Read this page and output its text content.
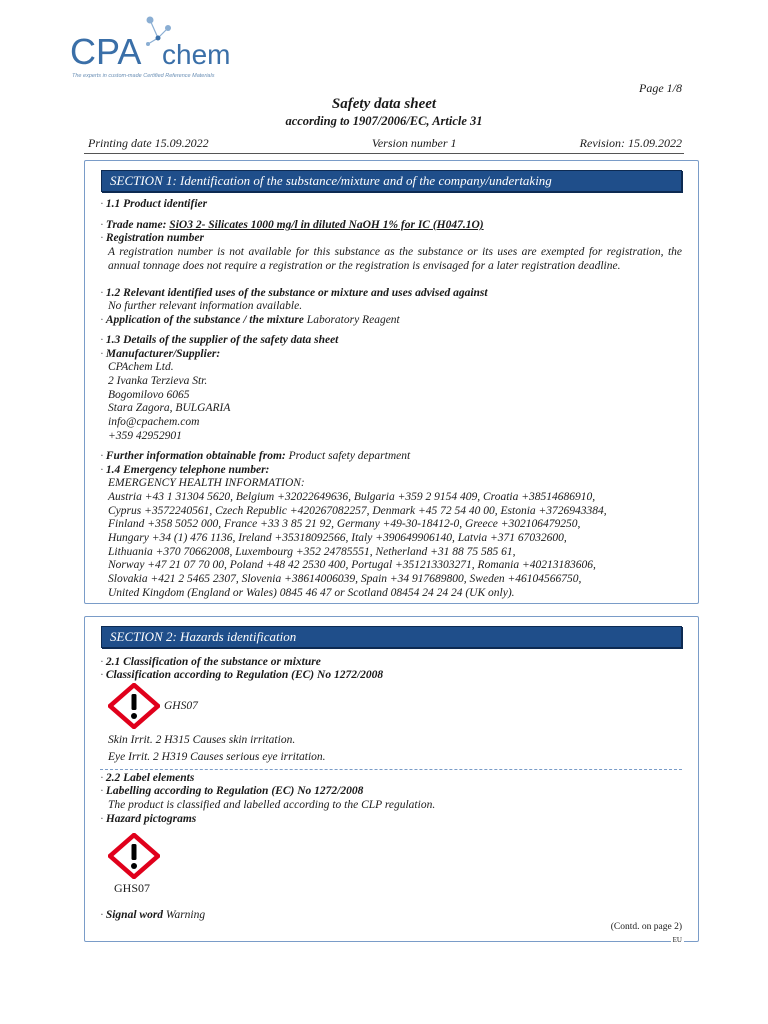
CPA chem
The experts in custom-made Certified Reference Materials
Page 1/8
Safety data sheet
according to 1907/2006/EC, Article 31
Printing date 15.09.2022	Version number 1	Revision: 15.09.2022
SECTION 1: Identification of the substance/mixture and of the company/undertaking
· 1.1 Product identifier
· Trade name: SiO3 2- Silicates 1000 mg/l in diluted NaOH 1% for IC (H047.1O)
· Registration number
A registration number is not available for this substance as the substance or its uses are exempted for registration, the annual tonnage does not require a registration or the registration is envisaged for a later registration deadline.
· 1.2 Relevant identified uses of the substance or mixture and uses advised against
No further relevant information available.
· Application of the substance / the mixture Laboratory Reagent
· 1.3 Details of the supplier of the safety data sheet
· Manufacturer/Supplier:
CPAchem Ltd.
2 Ivanka Terzieva Str.
Bogomilovo 6065
Stara Zagora, BULGARIA
info@cpachem.com
+359 42952901
· Further information obtainable from: Product safety department
· 1.4 Emergency telephone number:
EMERGENCY HEALTH INFORMATION:
Austria +43 1 31304 5620, Belgium +32022649636, Bulgaria +359 2 9154 409, Croatia +38514686910,
Cyprus +3572240561, Czech Republic +420267082257, Denmark +45 72 54 40 00, Estonia +3726943384,
Finland +358 5052 000, France +33 3 85 21 92, Germany +49-30-18412-0, Greece +302106479250,
Hungary +34 (1) 476 1136, Ireland +35318092566, Italy +390649906140, Latvia +371 67032600,
Lithuania +370 70662008, Luxembourg +352 24785551, Netherland +31 88 75 585 61,
Norway +47 21 07 70 00, Poland +48 42 2530 400, Portugal +351213303271, Romania +40213183606,
Slovakia +421 2 5465 2307, Slovenia +38614006039, Spain +34 917689800, Sweden +46104566750,
United Kingdom (England or Wales) 0845 46 47 or Scotland 08454 24 24 24 (UK only).
SECTION 2: Hazards identification
· 2.1 Classification of the substance or mixture
· Classification according to Regulation (EC) No 1272/2008
GHS07
Skin Irrit. 2 H315 Causes skin irritation.
Eye Irrit. 2 H319 Causes serious eye irritation.
· 2.2 Label elements
· Labelling according to Regulation (EC) No 1272/2008
The product is classified and labelled according to the CLP regulation.
· Hazard pictograms
GHS07
· Signal word Warning
(Contd. on page 2)
EU
